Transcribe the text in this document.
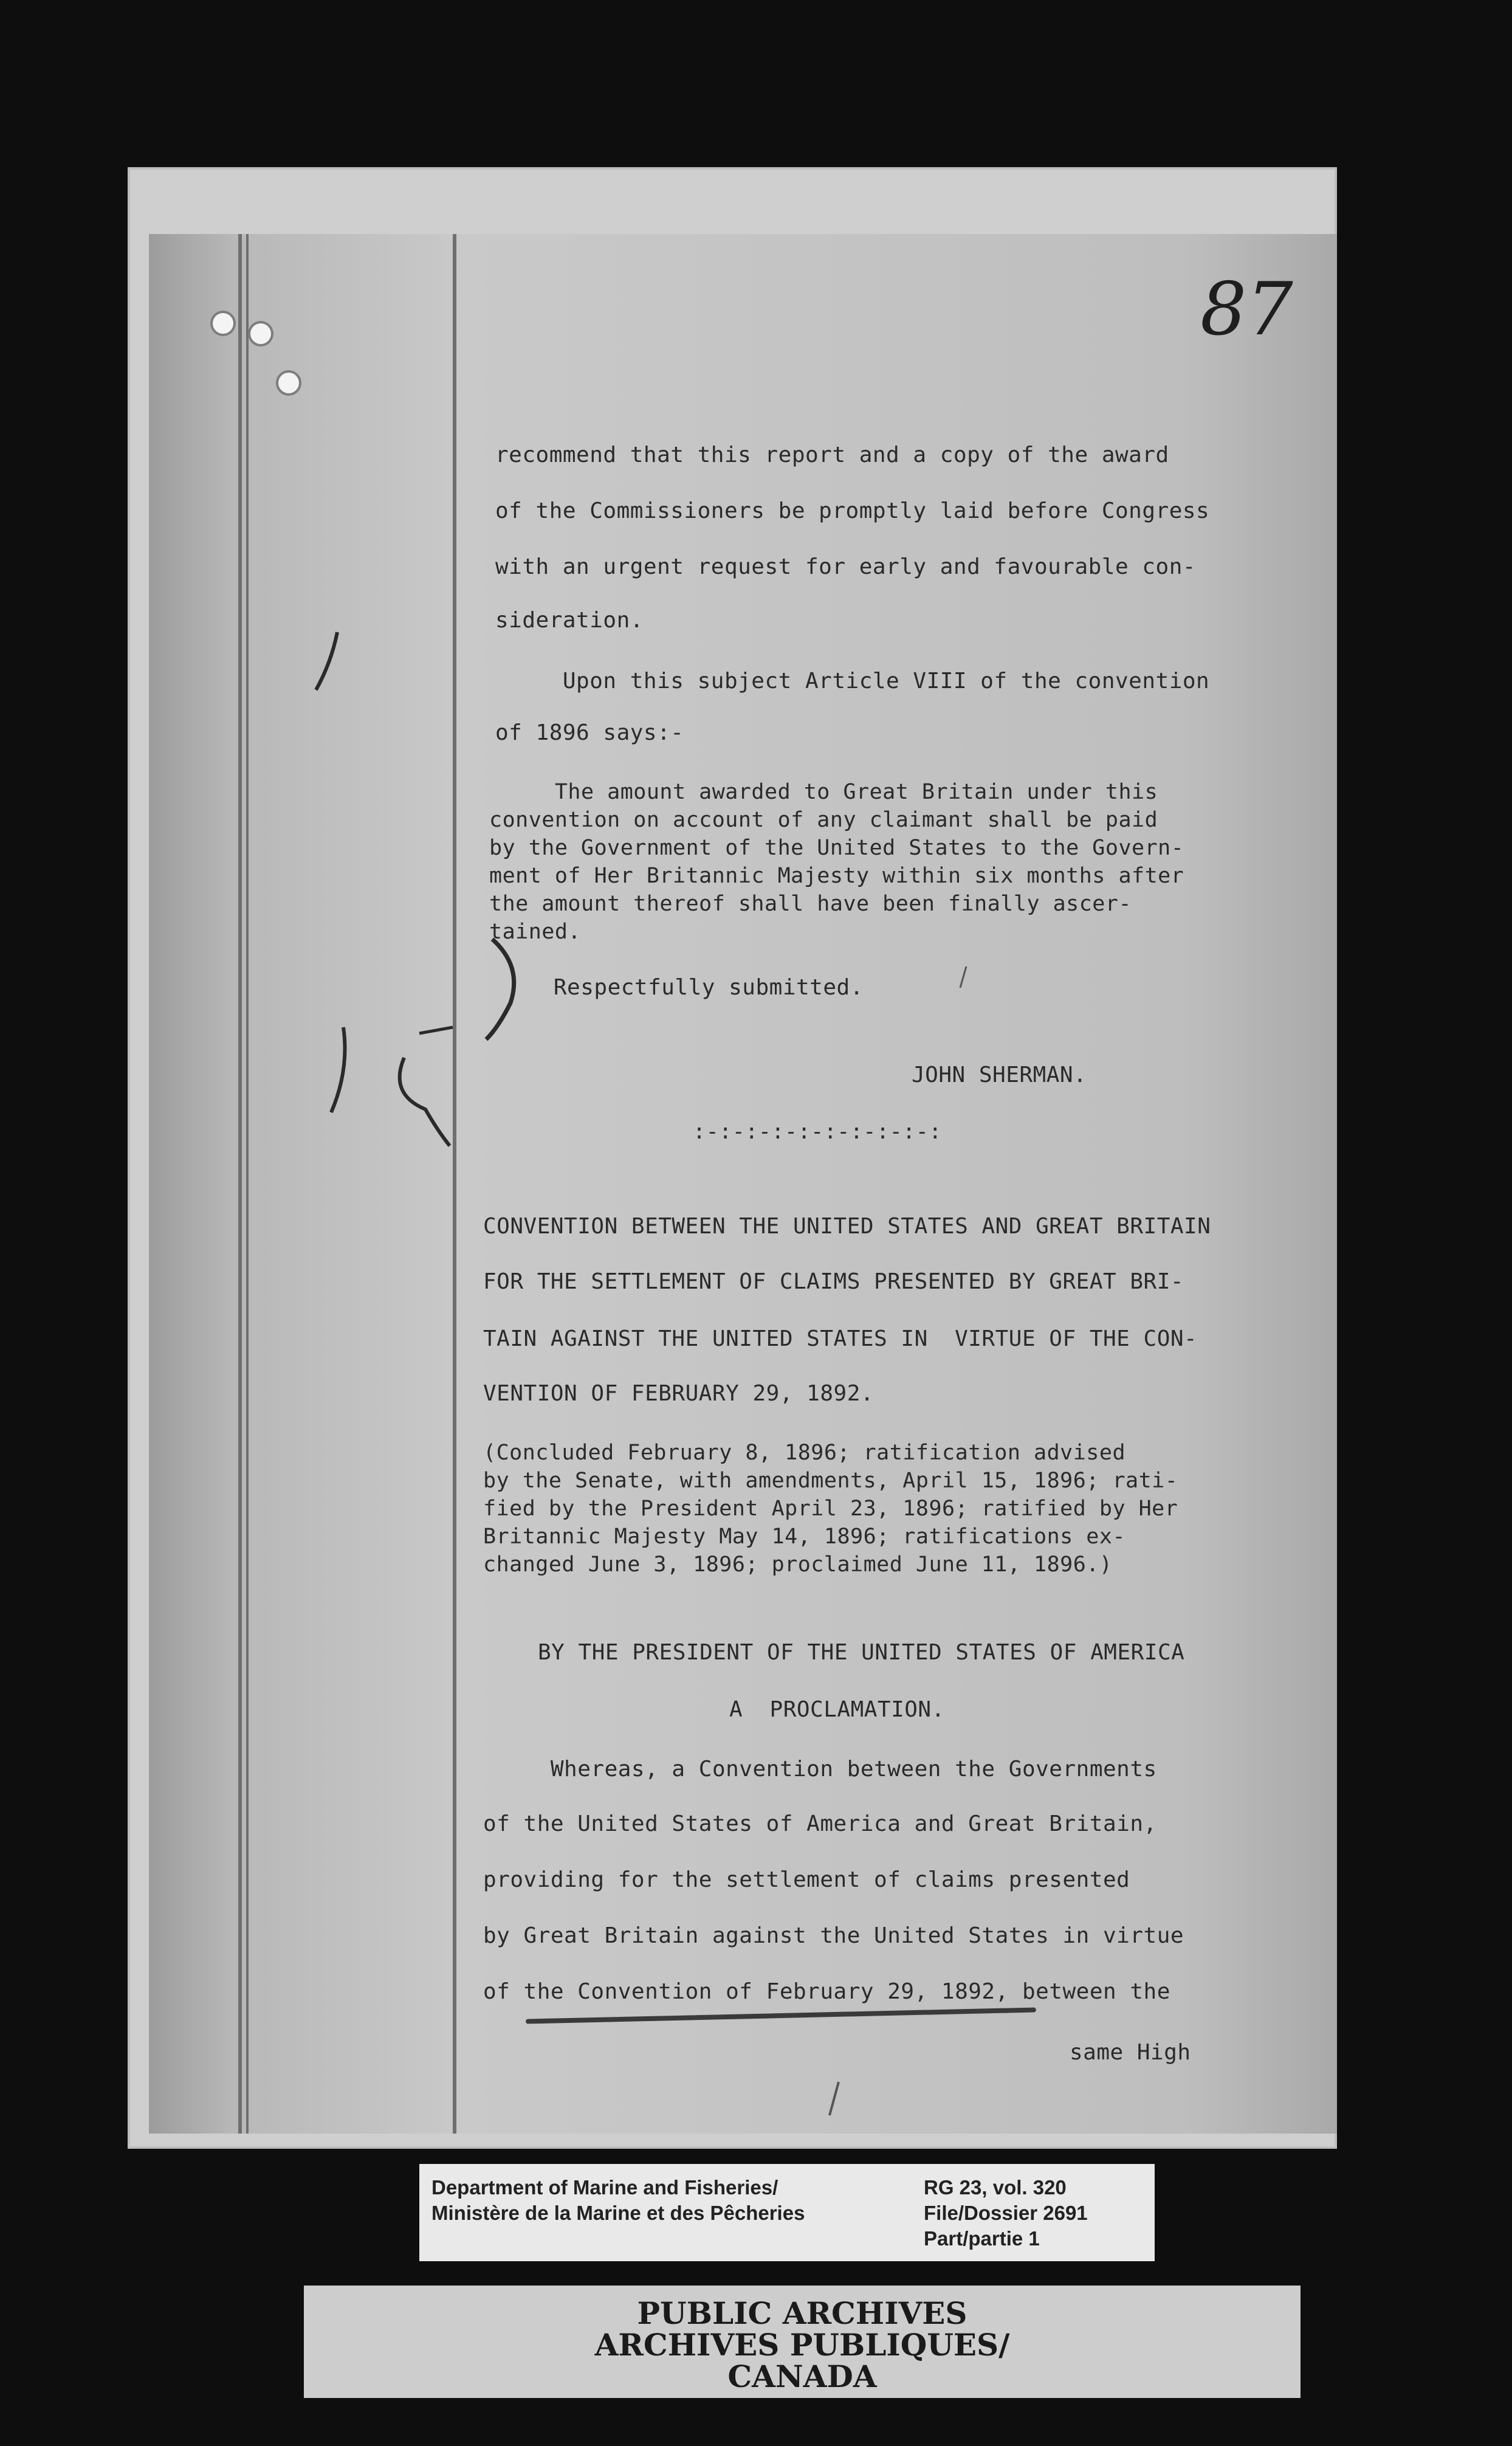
87
recommend that this report and a copy of the award
of the Commissioners be promptly laid before Congress
with an urgent request for early and favourable con-
sideration.
Upon this subject Article VIII of the convention
of 1896 says:-
The amount awarded to Great Britain under this
convention on account of any claimant shall be paid
by the Government of the United States to the Govern-
ment of Her Britannic Majesty within six months after
the amount thereof shall have been finally ascer-
tained.
Respectfully submitted.
JOHN SHERMAN.
:-:-:-:-:-:-:-:-:-:
CONVENTION BETWEEN THE UNITED STATES AND GREAT BRITAIN
FOR THE SETTLEMENT OF CLAIMS PRESENTED BY GREAT BRI-
TAIN AGAINST THE UNITED STATES IN  VIRTUE OF THE CON-
VENTION OF FEBRUARY 29, 1892.
(Concluded February 8, 1896; ratification advised
by the Senate, with amendments, April 15, 1896; rati-
fied by the President April 23, 1896; ratified by Her
Britannic Majesty May 14, 1896; ratifications ex-
changed June 3, 1896; proclaimed June 11, 1896.)
BY THE PRESIDENT OF THE UNITED STATES OF AMERICA
A  PROCLAMATION.
Whereas, a Convention between the Governments
of the United States of America and Great Britain,
providing for the settlement of claims presented
by Great Britain against the United States in virtue
of the Convention of February 29, 1892, between the
same High
Department of Marine and Fisheries/
Ministère de la Marine et des Pêcheries
RG 23, vol. 320
File/Dossier 2691
Part/partie 1
PUBLIC ARCHIVES
ARCHIVES PUBLIQUES/
CANADA
